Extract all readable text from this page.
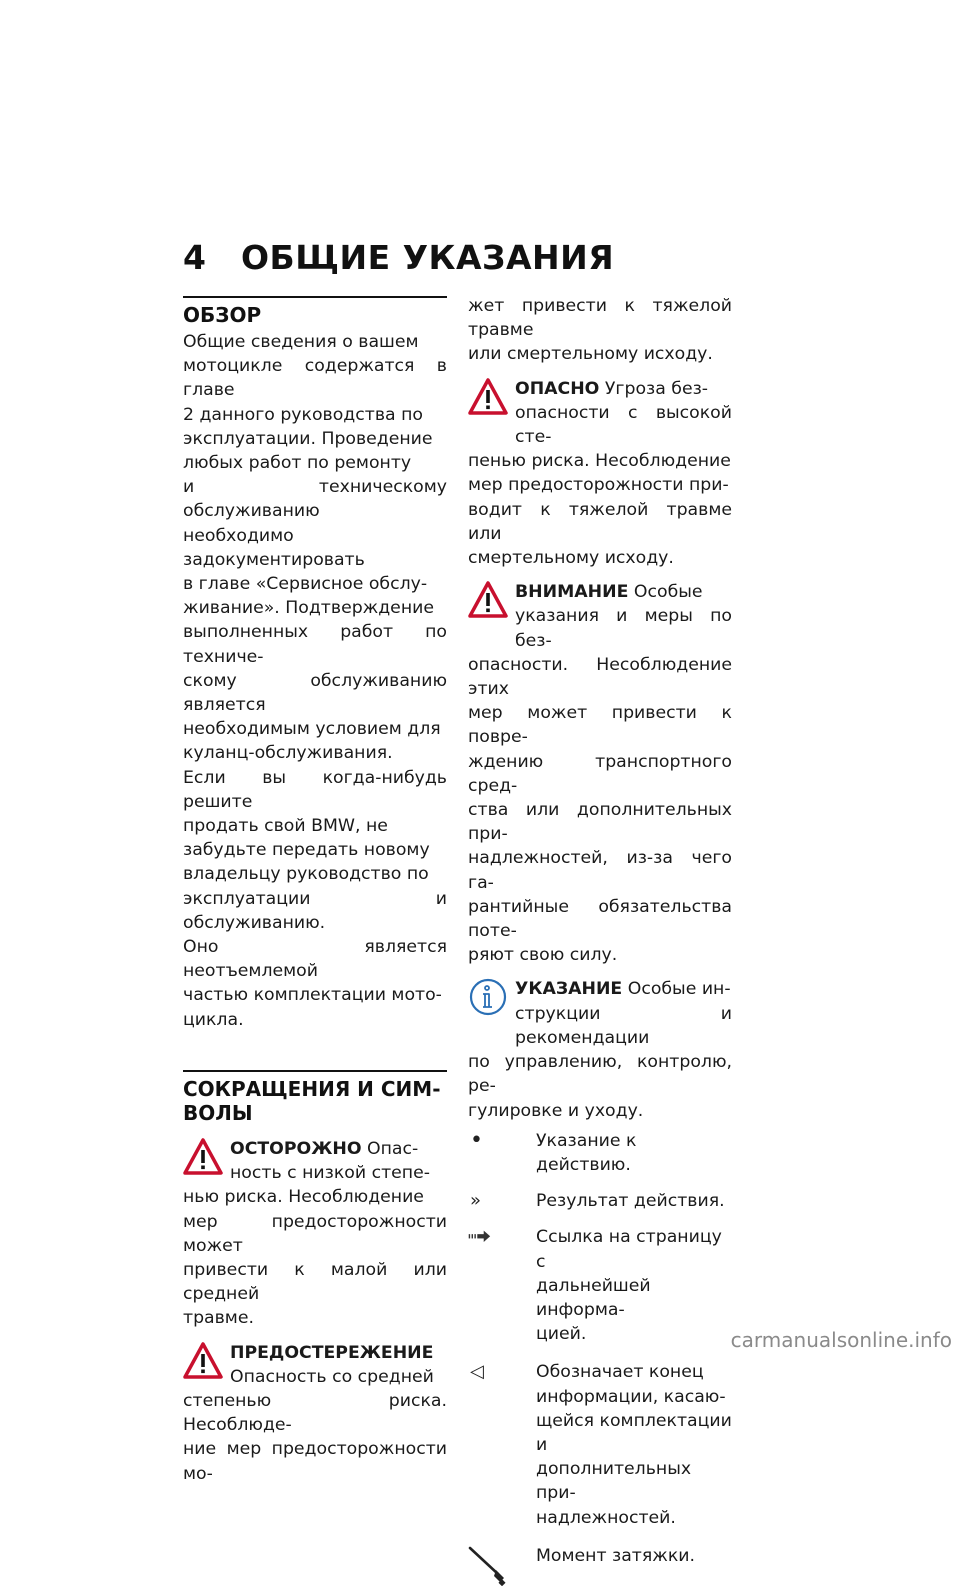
4 ОБЩИЕ УКАЗАНИЯ
ОБЗОР
Общие сведения о вашем
мотоцикле содержатся в главе
2 данного руководства по
эксплуатации. Проведение
любых работ по ремонту
и техническому обслуживанию
необходимо задокументировать
в главе «Сервисное обслу-
живание». Подтверждение
выполненных работ по техниче-
скому обслуживанию является
необходимым условием для
куланц-обслуживания.
Если вы когда-нибудь решите
продать свой BMW, не
забудьте передать новому
владельцу руководство по
эксплуатации и обслуживанию.
Оно является неотъемлемой
частью комплектации мото-
цикла.
СОКРАЩЕНИЯ И СИМ-
ВОЛЫ
ОСТОРОЖНО Опас-
ность с низкой степе-
нью риска. Несоблюдение
мер предосторожности может
привести к малой или средней
травме.
ПРЕДОСТЕРЕЖЕНИЕ
Опасность со средней
степенью риска. Несоблюде-
ние мер предосторожности мо-
жет привести к тяжелой травме
или смертельному исходу.
ОПАСНО Угроза без-
опасности с высокой сте-
пенью риска. Несоблюдение
мер предосторожности при-
водит к тяжелой травме или
смертельному исходу.
ВНИМАНИЕ Особые
указания и меры по без-
опасности. Несоблюдение этих
мер может привести к повре-
ждению транспортного сред-
ства или дополнительных при-
надлежностей, из-за чего га-
рантийные обязательства поте-
ряют свою силу.
УКАЗАНИЕ Особые ин-
струкции и рекомендации
по управлению, контролю, ре-
гулировке и уходу.
•	Указание к действию.
»	Результат действия.
Ссылка на страницу с
дальнейшей информа-
цией.
◁	Обозначает конец
информации, касаю-
щейся комплектации и
дополнительных при-
надлежностей.
Момент затяжки.
carmanualsonline.info
